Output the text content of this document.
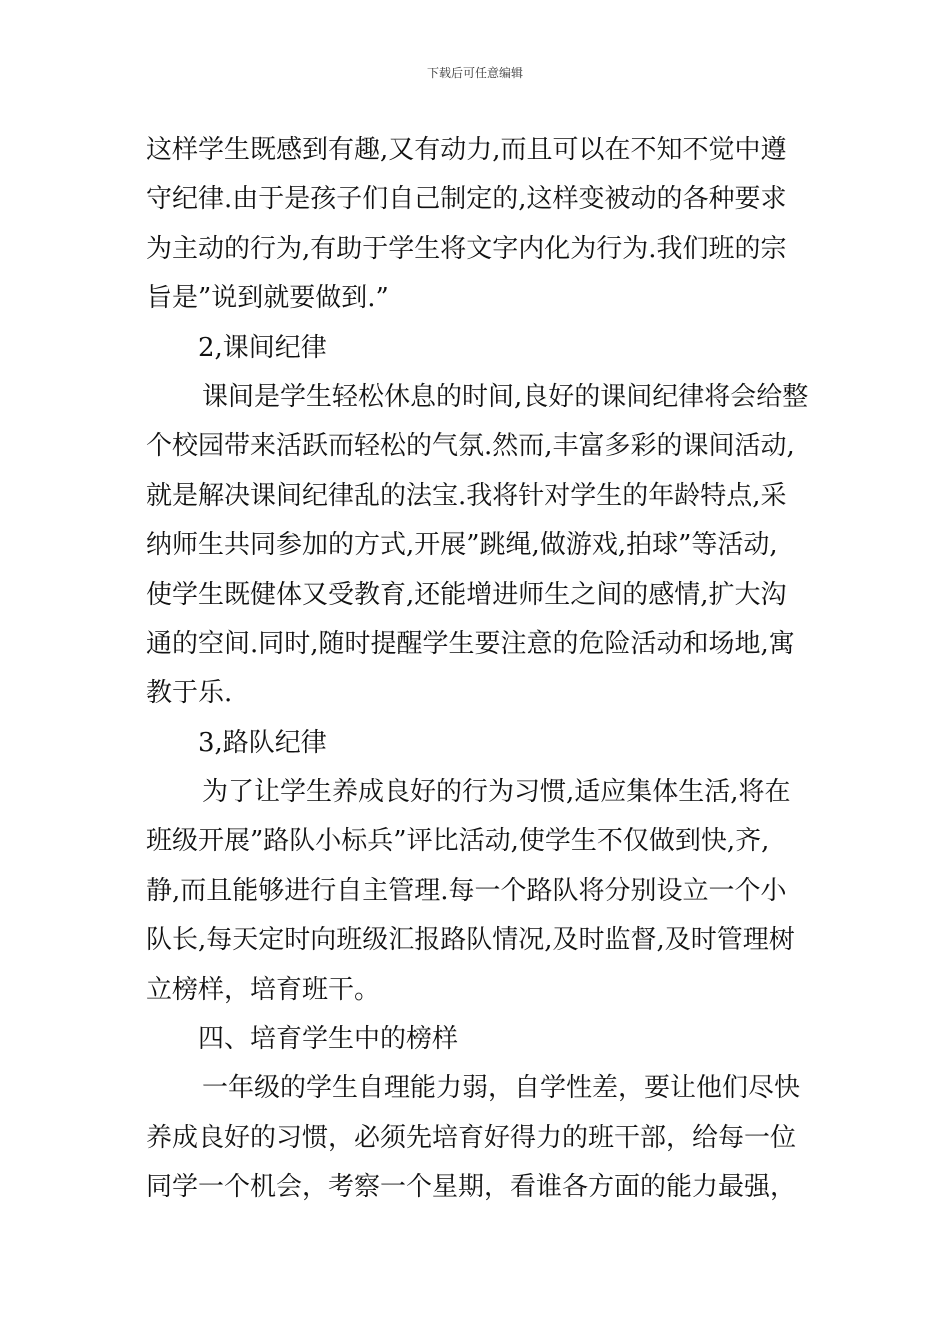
下载后可任意编辑
这样学生既感到有趣,又有动力,而且可以在不知不觉中遵
守纪律.由于是孩子们自己制定的,这样变被动的各种要求
为主动的行为,有助于学生将文字内化为行为.我们班的宗
旨是”说到就要做到.”
2,课间纪律
课间是学生轻松休息的时间,良好的课间纪律将会给整
个校园带来活跃而轻松的气氛.然而,丰富多彩的课间活动,
就是解决课间纪律乱的法宝.我将针对学生的年龄特点,采
纳师生共同参加的方式,开展”跳绳,做游戏,拍球”等活动,
使学生既健体又受教育,还能增进师生之间的感情,扩大沟
通的空间.同时,随时提醒学生要注意的危险活动和场地,寓
教于乐.
3,路队纪律
为了让学生养成良好的行为习惯,适应集体生活,将在
班级开展”路队小标兵”评比活动,使学生不仅做到快,齐,
静,而且能够进行自主管理.每一个路队将分别设立一个小
队长,每天定时向班级汇报路队情况,及时监督,及时管理树
立榜样，培育班干。
四、培育学生中的榜样
一年级的学生自理能力弱，自学性差，要让他们尽快
养成良好的习惯，必须先培育好得力的班干部，给每一位
同学一个机会，考察一个星期，看谁各方面的能力最强，
